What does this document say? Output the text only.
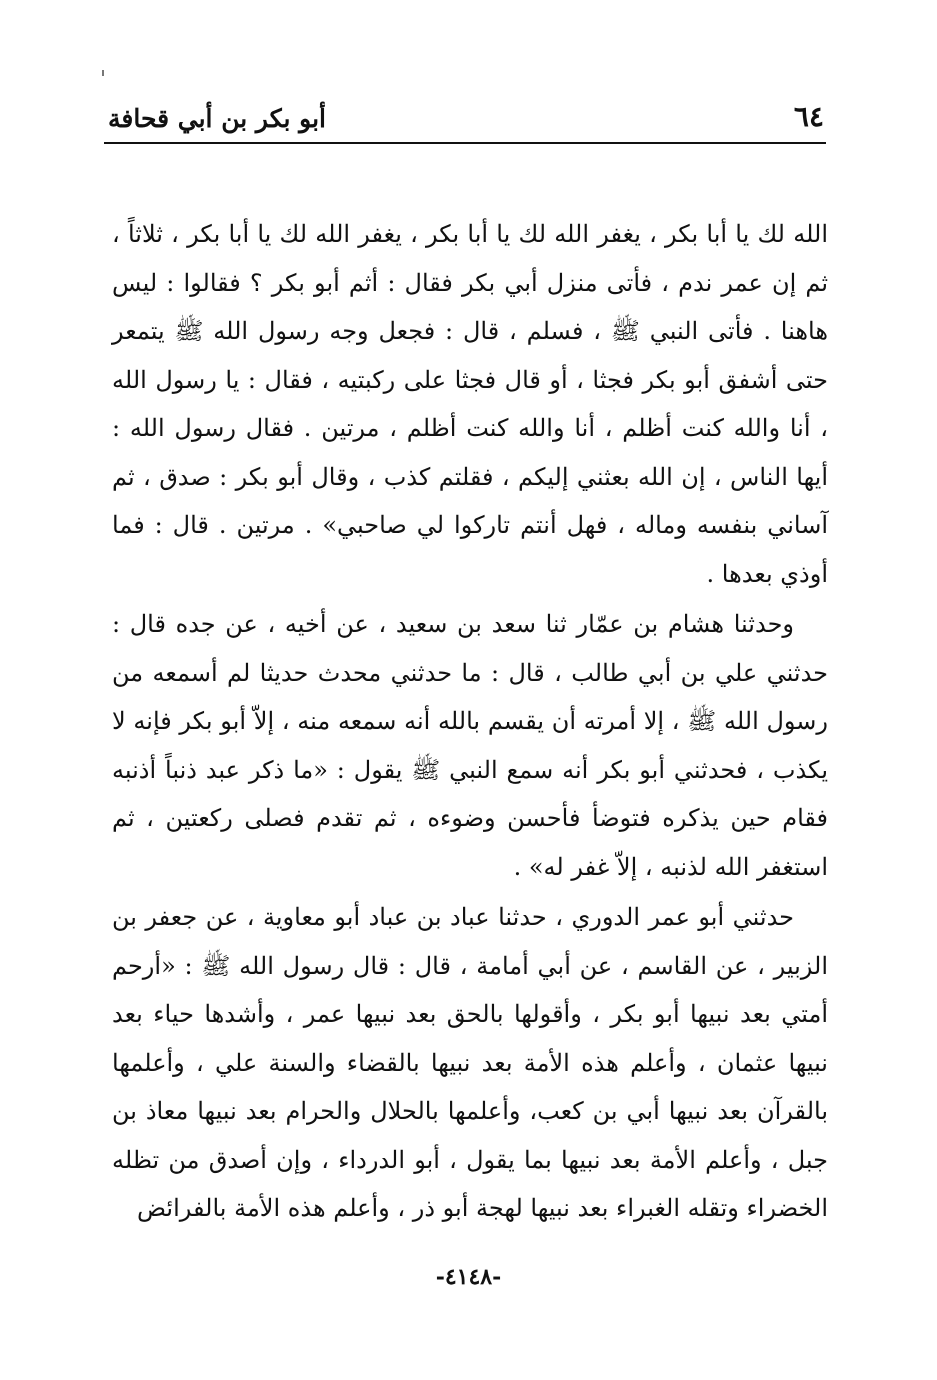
٦٤
أبو بكر بن أبي قحافة

الله لك يا أبا بكر ، يغفر الله لك يا أبا بكر ، يغفر الله لك يا أبا بكر ، ثلاثاً ، ثم إن عمر ندم ، فأتى منزل أبي بكر فقال : أثم أبو بكر ؟ فقالوا : ليس هاهنا . فأتى النبي ﷺ ، فسلم ، قال : فجعل وجه رسول الله ﷺ يتمعر حتى أشفق أبو بكر فجثا ، أو قال فجثا على ركبتيه ، فقال : يا رسول الله ، أنا والله كنت أظلم ، أنا والله كنت أظلم ، مرتين . فقال رسول الله : أيها الناس ، إن الله بعثني إليكم ، فقلتم كذب ، وقال أبو بكر : صدق ، ثم آساني بنفسه وماله ، فهل أنتم تاركوا لي صاحبي» . مرتين . قال : فما أوذي بعدها .

وحدثنا هشام بن عمّار ثنا سعد بن سعيد ، عن أخيه ، عن جده قال : حدثني علي بن أبي طالب ، قال : ما حدثني محدث حديثا لم أسمعه من رسول الله ﷺ ، إلا أمرته أن يقسم بالله أنه سمعه منه ، إلاّ أبو بكر فإنه لا يكذب ، فحدثني أبو بكر أنه سمع النبي ﷺ يقول : «ما ذكر عبد ذنباً أذنبه فقام حين يذكره فتوضأ فأحسن وضوءه ، ثم تقدم فصلى ركعتين ، ثم استغفر الله لذنبه ، إلاّ غفر له» .

حدثني أبو عمر الدوري ، حدثنا عباد بن عباد أبو معاوية ، عن جعفر بن الزبير ، عن القاسم ، عن أبي أمامة ، قال : قال رسول الله ﷺ : «أرحم أمتي بعد نبيها أبو بكر ، وأقولها بالحق بعد نبيها عمر ، وأشدها حياء بعد نبيها عثمان ، وأعلم هذه الأمة بعد نبيها بالقضاء والسنة علي ، وأعلمها بالقرآن بعد نبيها أبي بن كعب، وأعلمها بالحلال والحرام بعد نبيها معاذ بن جبل ، وأعلم الأمة بعد نبيها بما يقول ، أبو الدرداء ، وإن أصدق من تظله الخضراء وتقله الغبراء بعد نبيها لهجة أبو ذر ، وأعلم هذه الأمة بالفرائض

-٤١٤٨-
